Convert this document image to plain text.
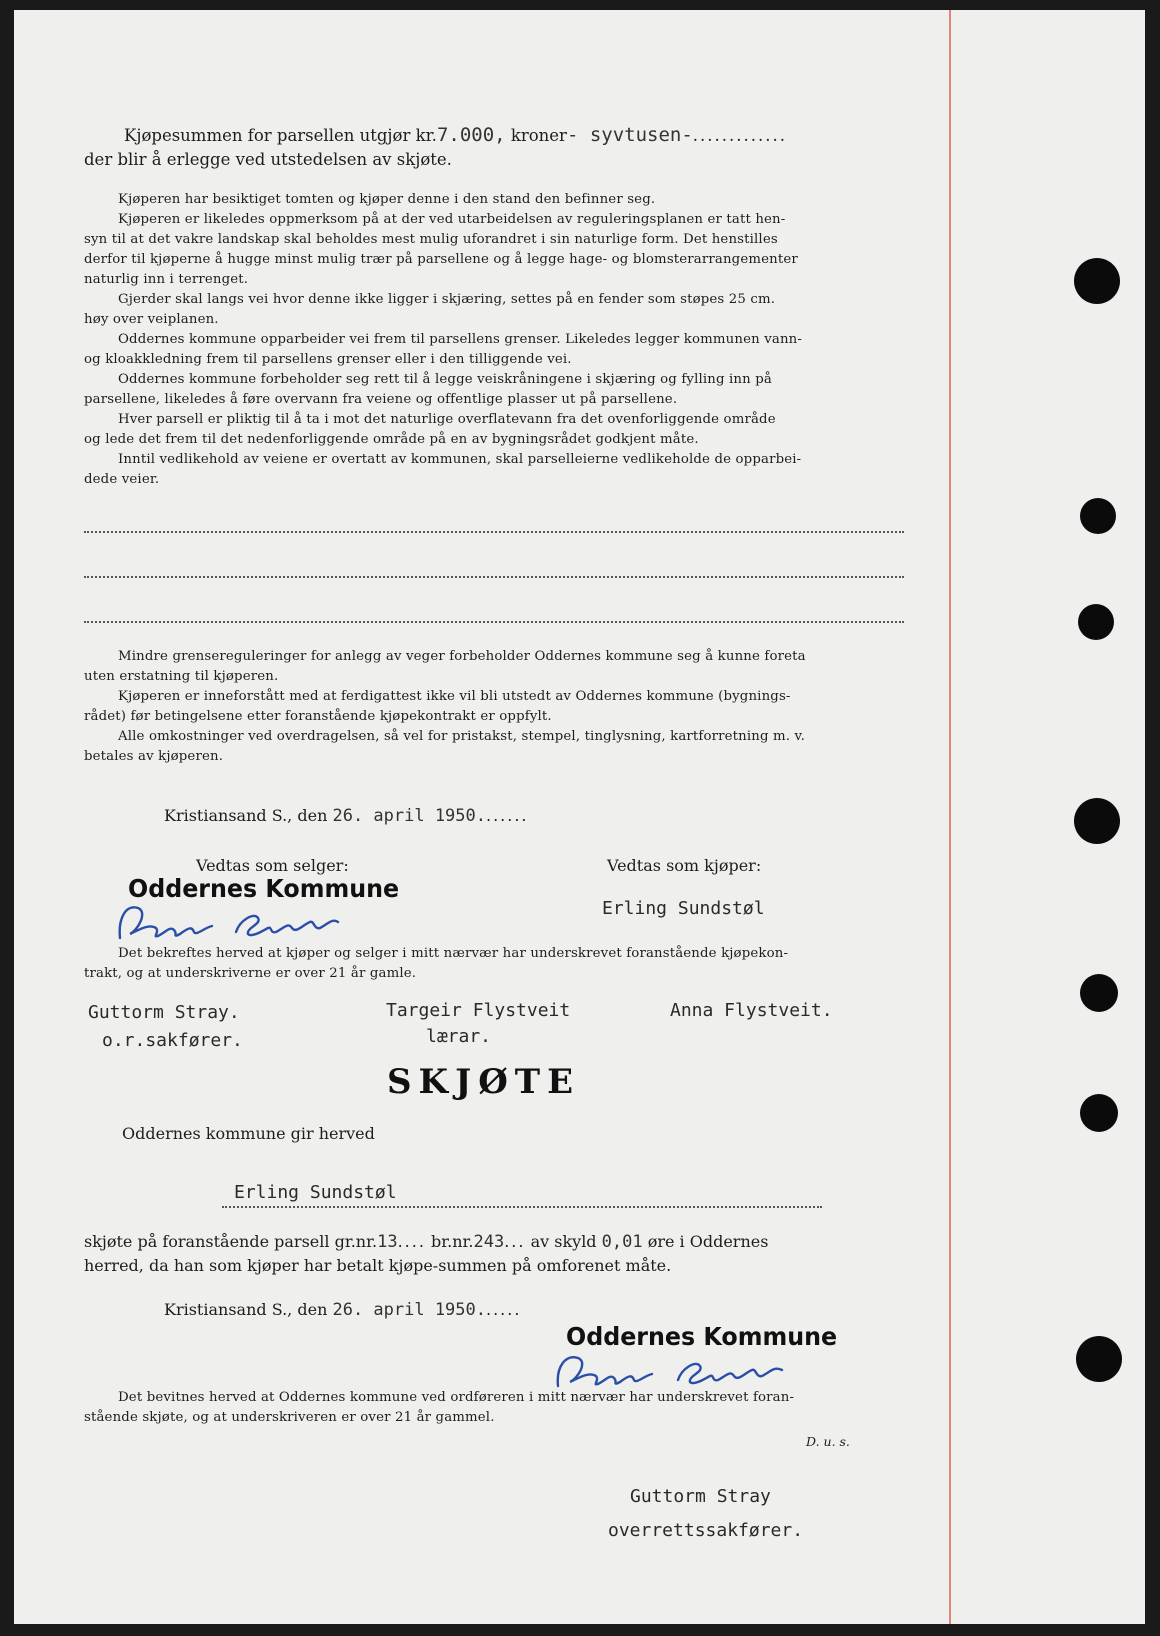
Kjøpesummen for parsellen utgjør kr.7.000, kroner- syvtusen-.............
der blir å erlegge ved utstedelsen av skjøte.
Kjøperen har besiktiget tomten og kjøper denne i den stand den befinner seg.
Kjøperen er likeledes oppmerksom på at der ved utarbeidelsen av reguleringsplanen er tatt hen-
syn til at det vakre landskap skal beholdes mest mulig uforandret i sin naturlige form. Det henstilles
derfor til kjøperne å hugge minst mulig trær på parsellene og å legge hage- og blomsterarrangementer
naturlig inn i terrenget.
Gjerder skal langs vei hvor denne ikke ligger i skjæring, settes på en fender som støpes 25 cm.
høy over veiplanen.
Oddernes kommune opparbeider vei frem til parsellens grenser. Likeledes legger kommunen vann-
og kloakkledning frem til parsellens grenser eller i den tilliggende vei.
Oddernes kommune forbeholder seg rett til å legge veiskråningene i skjæring og fylling inn på
parsellene, likeledes å føre overvann fra veiene og offentlige plasser ut på parsellene.
Hver parsell er pliktig til å ta i mot det naturlige overflatevann fra det ovenforliggende område
og lede det frem til det nedenforliggende område på en av bygningsrådet godkjent måte.
Inntil vedlikehold av veiene er overtatt av kommunen, skal parselleierne vedlikeholde de opparbei-
dede veier.
Mindre grensereguleringer for anlegg av veger forbeholder Oddernes kommune seg å kunne foreta
uten erstatning til kjøperen.
Kjøperen er inneforstått med at ferdigattest ikke vil bli utstedt av Oddernes kommune (bygnings-
rådet) før betingelsene etter foranstående kjøpekontrakt er oppfylt.
Alle omkostninger ved overdragelsen, så vel for pristakst, stempel, tinglysning, kartforretning m. v.
betales av kjøperen.
Kristiansand S., den 26. april 1950.......
Vedtas som selger:	Vedtas som kjøper:
Oddernes Kommune
Erling Sundstøl
Det bekreftes herved at kjøper og selger i mitt nærvær har underskrevet foranstående kjøpekon-
trakt, og at underskriverne er over 21 år gamle.
Guttorm Stray.
o.r.sakfører.
Targeir Flystveit
lærar.
Anna Flystveit.
SKJØTE
Oddernes kommune gir herved
Erling Sundstøl
skjøte på foranstående parsell gr.nr.13.... br.nr.243... av skyld 0,01 øre i Oddernes
herred, da han som kjøper har betalt kjøpe-summen på omforenet måte.
Kristiansand S., den 26. april 1950......
Oddernes Kommune
Det bevitnes herved at Oddernes kommune ved ordføreren i mitt nærvær har underskrevet foran-
stående skjøte, og at underskriveren er over 21 år gammel.
D. u. s.
Guttorm Stray
overrettssakfører.
